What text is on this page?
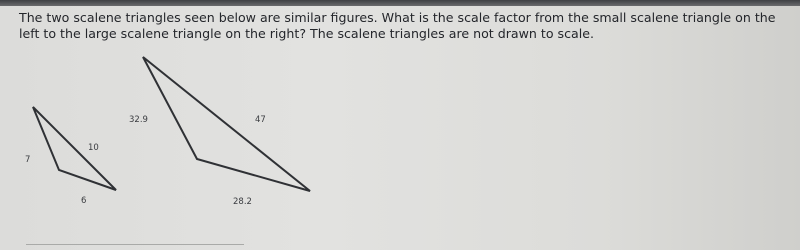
The two scalene triangles seen below are similar figures. What is the scale factor from the small scalene triangle on the left to the large scalene triangle on the right? The scalene triangles are not drawn to scale.

7
10
6
32.9	47
28.2
